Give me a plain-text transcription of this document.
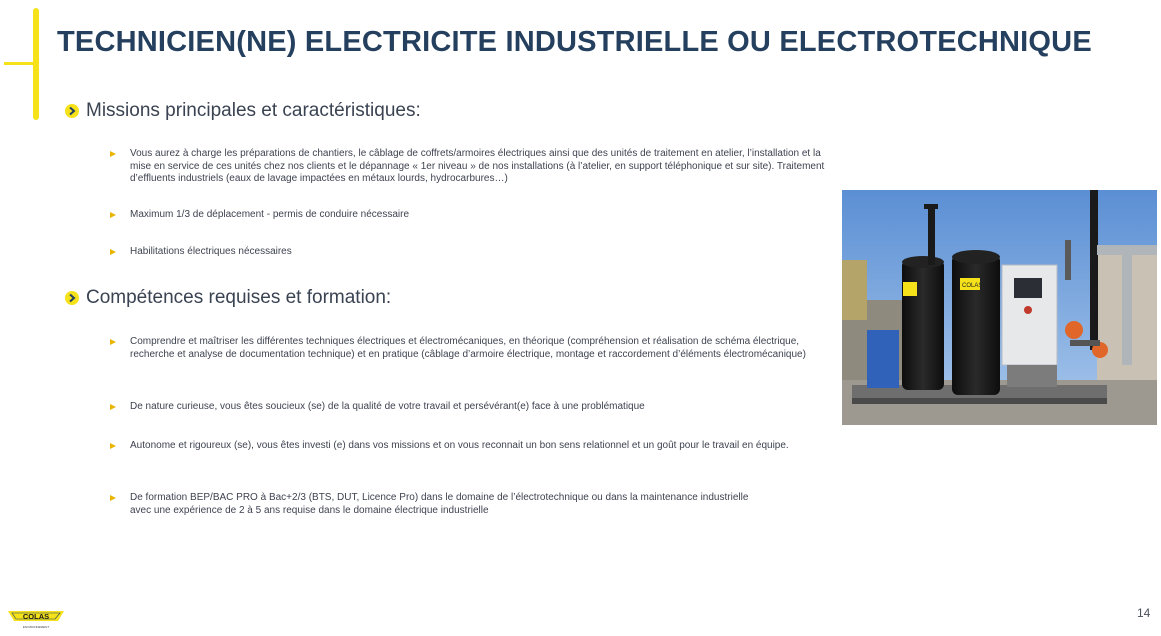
TECHNICIEN(NE) ELECTRICITE INDUSTRIELLE OU ELECTROTECHNIQUE
Missions principales et caractéristiques:
Vous aurez à charge les préparations de chantiers, le câblage de coffrets/armoires électriques ainsi que des unités de traitement en atelier, l’installation et la mise en service de ces unités chez nos clients et le dépannage « 1er niveau » de nos installations (à l’atelier, en support téléphonique et sur site). Traitement d’effluents industriels (eaux de lavage impactées en métaux lourds, hydrocarbures…)
Maximum 1/3 de déplacement - permis de conduire nécessaire
Habilitations électriques nécessaires
Compétences requises et formation:
Comprendre et maîtriser les différentes techniques électriques et électromécaniques, en théorique (compréhension et réalisation de schéma électrique, recherche et analyse de documentation technique) et en pratique (câblage d’armoire électrique, montage et raccordement d’éléments électromécanique)
De nature curieuse, vous êtes soucieux (se) de la qualité de votre travail et persévérant(e) face à une problématique
Autonome et rigoureux (se), vous êtes investi (e) dans vos missions et on vous reconnait un bon sens relationnel et un goût pour le travail en équipe.
De formation BEP/BAC PRO à Bac+2/3 (BTS, DUT, Licence Pro) dans le domaine de l’électrotechnique ou dans la maintenance industrielle avec une expérience de 2 à 5 ans requise dans le domaine électrique industrielle
COLAS
COLAS
ENVIRONNEMENT
14
